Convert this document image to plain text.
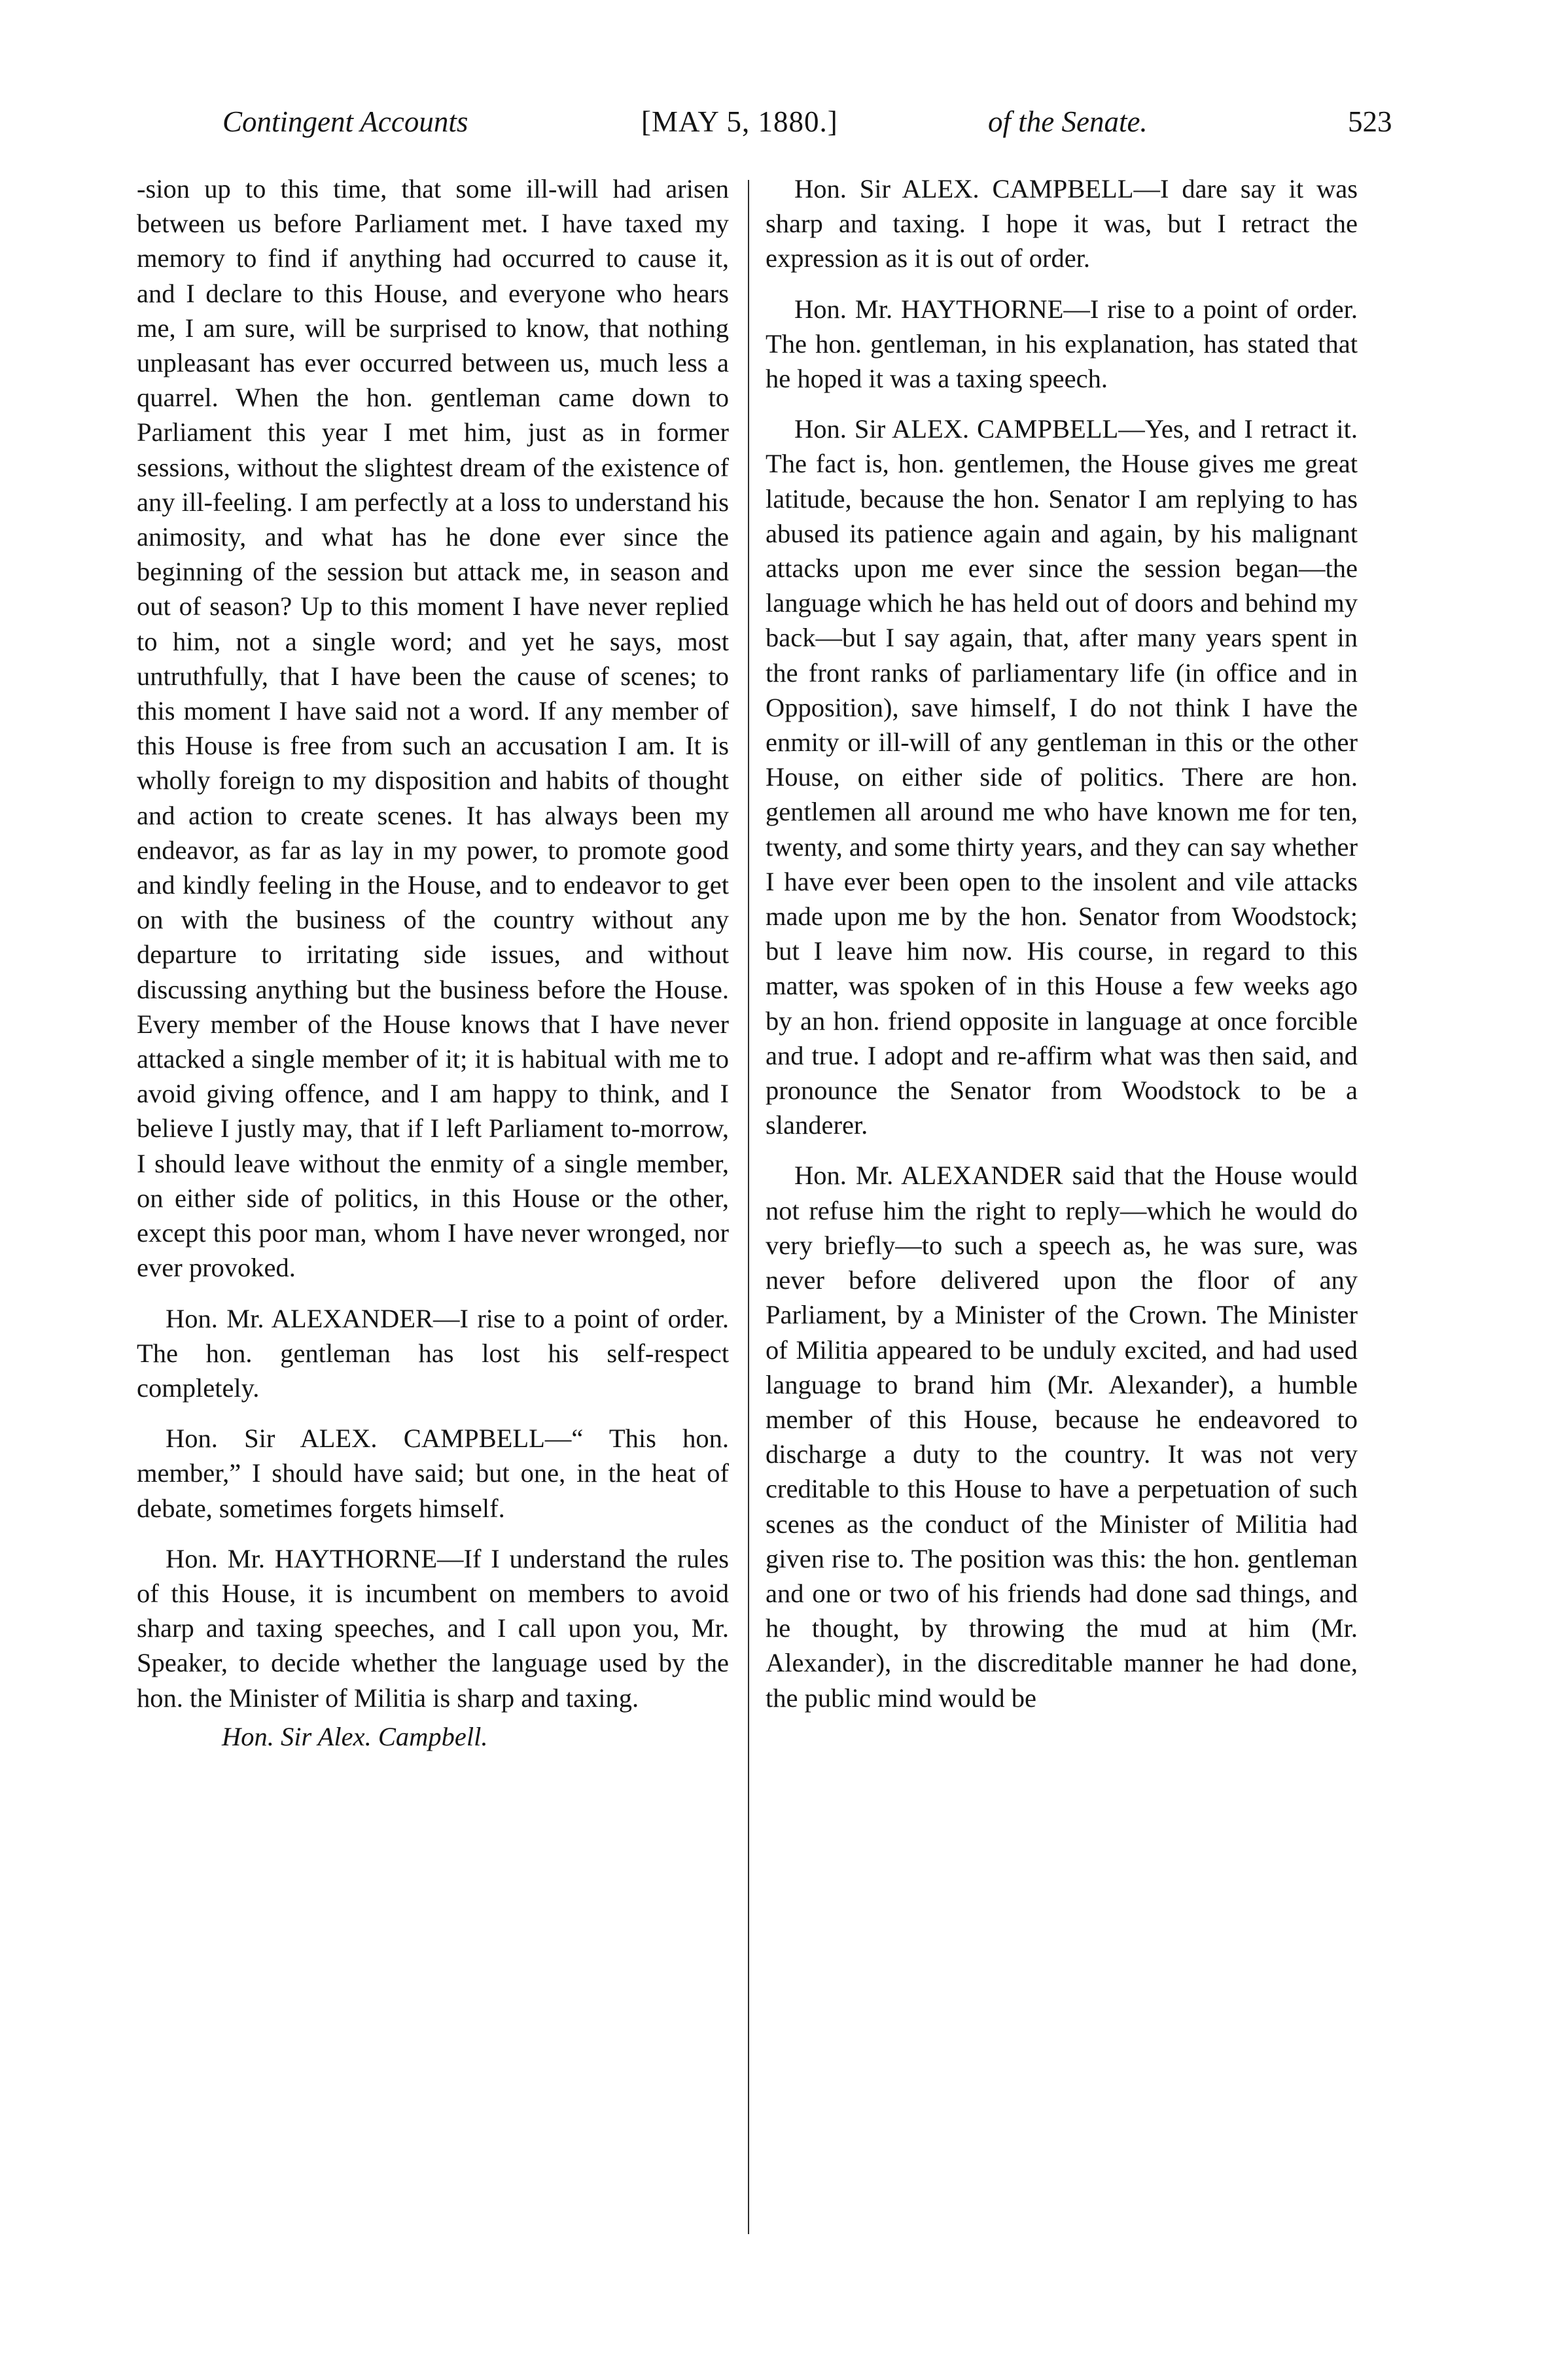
Contingent Accounts	[MAY 5, 1880.]	of the Senate.	523

-sion up to this time, that some ill-will had arisen between us before Parliament met. I have taxed my memory to find if anything had occurred to cause it, and I declare to this House, and everyone who hears me, I am sure, will be surprised to know, that nothing unpleasant has ever occurred between us, much less a quarrel. When the hon. gentleman came down to Parliament this year I met him, just as in former sessions, without the slightest dream of the existence of any ill-feeling. I am perfectly at a loss to understand his animosity, and what has he done ever since the beginning of the session but attack me, in season and out of season? Up to this moment I have never replied to him, not a single word; and yet he says, most untruthfully, that I have been the cause of scenes; to this moment I have said not a word. If any member of this House is free from such an accusation I am. It is wholly foreign to my disposition and habits of thought and action to create scenes. It has always been my endeavor, as far as lay in my power, to promote good and kindly feeling in the House, and to endeavor to get on with the business of the country without any departure to irritating side issues, and without discussing anything but the business before the House. Every member of the House knows that I have never attacked a single member of it; it is habitual with me to avoid giving offence, and I am happy to think, and I believe I justly may, that if I left Parliament to-morrow, I should leave without the enmity of a single member, on either side of politics, in this House or the other, except this poor man, whom I have never wronged, nor ever provoked.

Hon. Mr. ALEXANDER—I rise to a point of order. The hon. gentleman has lost his self-respect completely.

Hon. Sir ALEX. CAMPBELL—“ This hon. member,” I should have said; but one, in the heat of debate, sometimes forgets himself.

Hon. Mr. HAYTHORNE—If I understand the rules of this House, it is incumbent on members to avoid sharp and taxing speeches, and I call upon you, Mr. Speaker, to decide whether the language used by the hon. the Minister of Militia is sharp and taxing.

Hon. Sir Alex. Campbell.

Hon. Sir ALEX. CAMPBELL—I dare say it was sharp and taxing. I hope it was, but I retract the expression as it is out of order.

Hon. Mr. HAYTHORNE—I rise to a point of order. The hon. gentleman, in his explanation, has stated that he hoped it was a taxing speech.

Hon. Sir ALEX. CAMPBELL—Yes, and I retract it. The fact is, hon. gentlemen, the House gives me great latitude, because the hon. Senator I am replying to has abused its patience again and again, by his malignant attacks upon me ever since the session began—the language which he has held out of doors and behind my back—but I say again, that, after many years spent in the front ranks of parliamentary life (in office and in Opposition), save himself, I do not think I have the enmity or ill-will of any gentleman in this or the other House, on either side of politics. There are hon. gentlemen all around me who have known me for ten, twenty, and some thirty years, and they can say whether I have ever been open to the insolent and vile attacks made upon me by the hon. Senator from Woodstock; but I leave him now. His course, in regard to this matter, was spoken of in this House a few weeks ago by an hon. friend opposite in language at once forcible and true. I adopt and re-affirm what was then said, and pronounce the Senator from Woodstock to be a slanderer.

Hon. Mr. ALEXANDER said that the House would not refuse him the right to reply—which he would do very briefly—to such a speech as, he was sure, was never before delivered upon the floor of any Parliament, by a Minister of the Crown. The Minister of Militia appeared to be unduly excited, and had used language to brand him (Mr. Alexander), a humble member of this House, because he endeavored to discharge a duty to the country. It was not very creditable to this House to have a perpetuation of such scenes as the conduct of the Minister of Militia had given rise to. The position was this: the hon. gentleman and one or two of his friends had done sad things, and he thought, by throwing the mud at him (Mr. Alexander), in the discreditable manner he had done, the public mind would be
